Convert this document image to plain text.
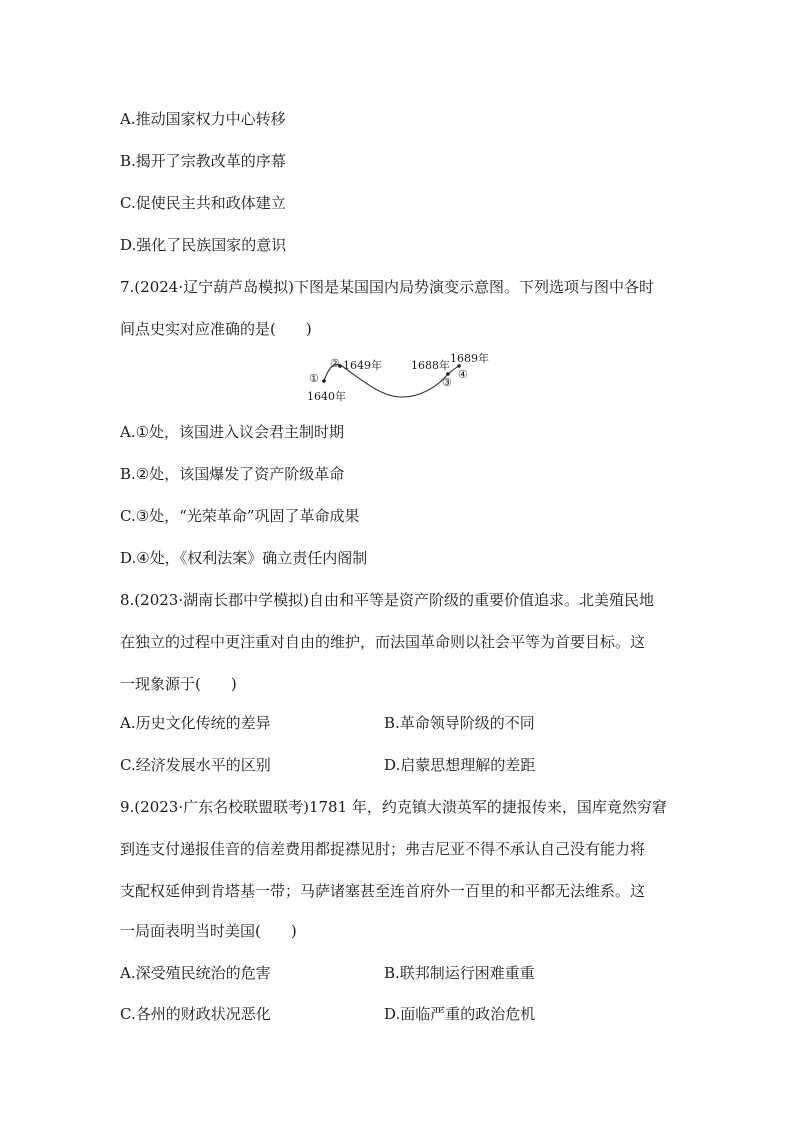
A.推动国家权力中心转移
B.揭开了宗教改革的序幕
C.促使民主共和政体建立
D.强化了民族国家的意识
7.(2024·辽宁葫芦岛模拟)下图是某国国内局势演变示意图。下列选项与图中各时
间点史实对应准确的是(　　)
①
1640年
② 1649年	1688年
③
1689年
④
A.①处，该国进入议会君主制时期
B.②处，该国爆发了资产阶级革命
C.③处，“光荣革命”巩固了革命成果
D.④处，《权利法案》确立责任内阁制
8.(2023·湖南长郡中学模拟)自由和平等是资产阶级的重要价值追求。北美殖民地
在独立的过程中更注重对自由的维护，而法国革命则以社会平等为首要目标。这
一现象源于(　　)
A.历史文化传统的差异	B.革命领导阶级的不同
C.经济发展水平的区别	D.启蒙思想理解的差距
9.(2023·广东名校联盟联考)1781 年，约克镇大溃英军的捷报传来，国库竟然穷窘
到连支付递报佳音的信差费用都捉襟见肘；弗吉尼亚不得不承认自己没有能力将
支配权延伸到肯塔基一带；马萨诸塞甚至连首府外一百里的和平都无法维系。这
一局面表明当时美国(　　)
A.深受殖民统治的危害	B.联邦制运行困难重重
C.各州的财政状况恶化	D.面临严重的政治危机
